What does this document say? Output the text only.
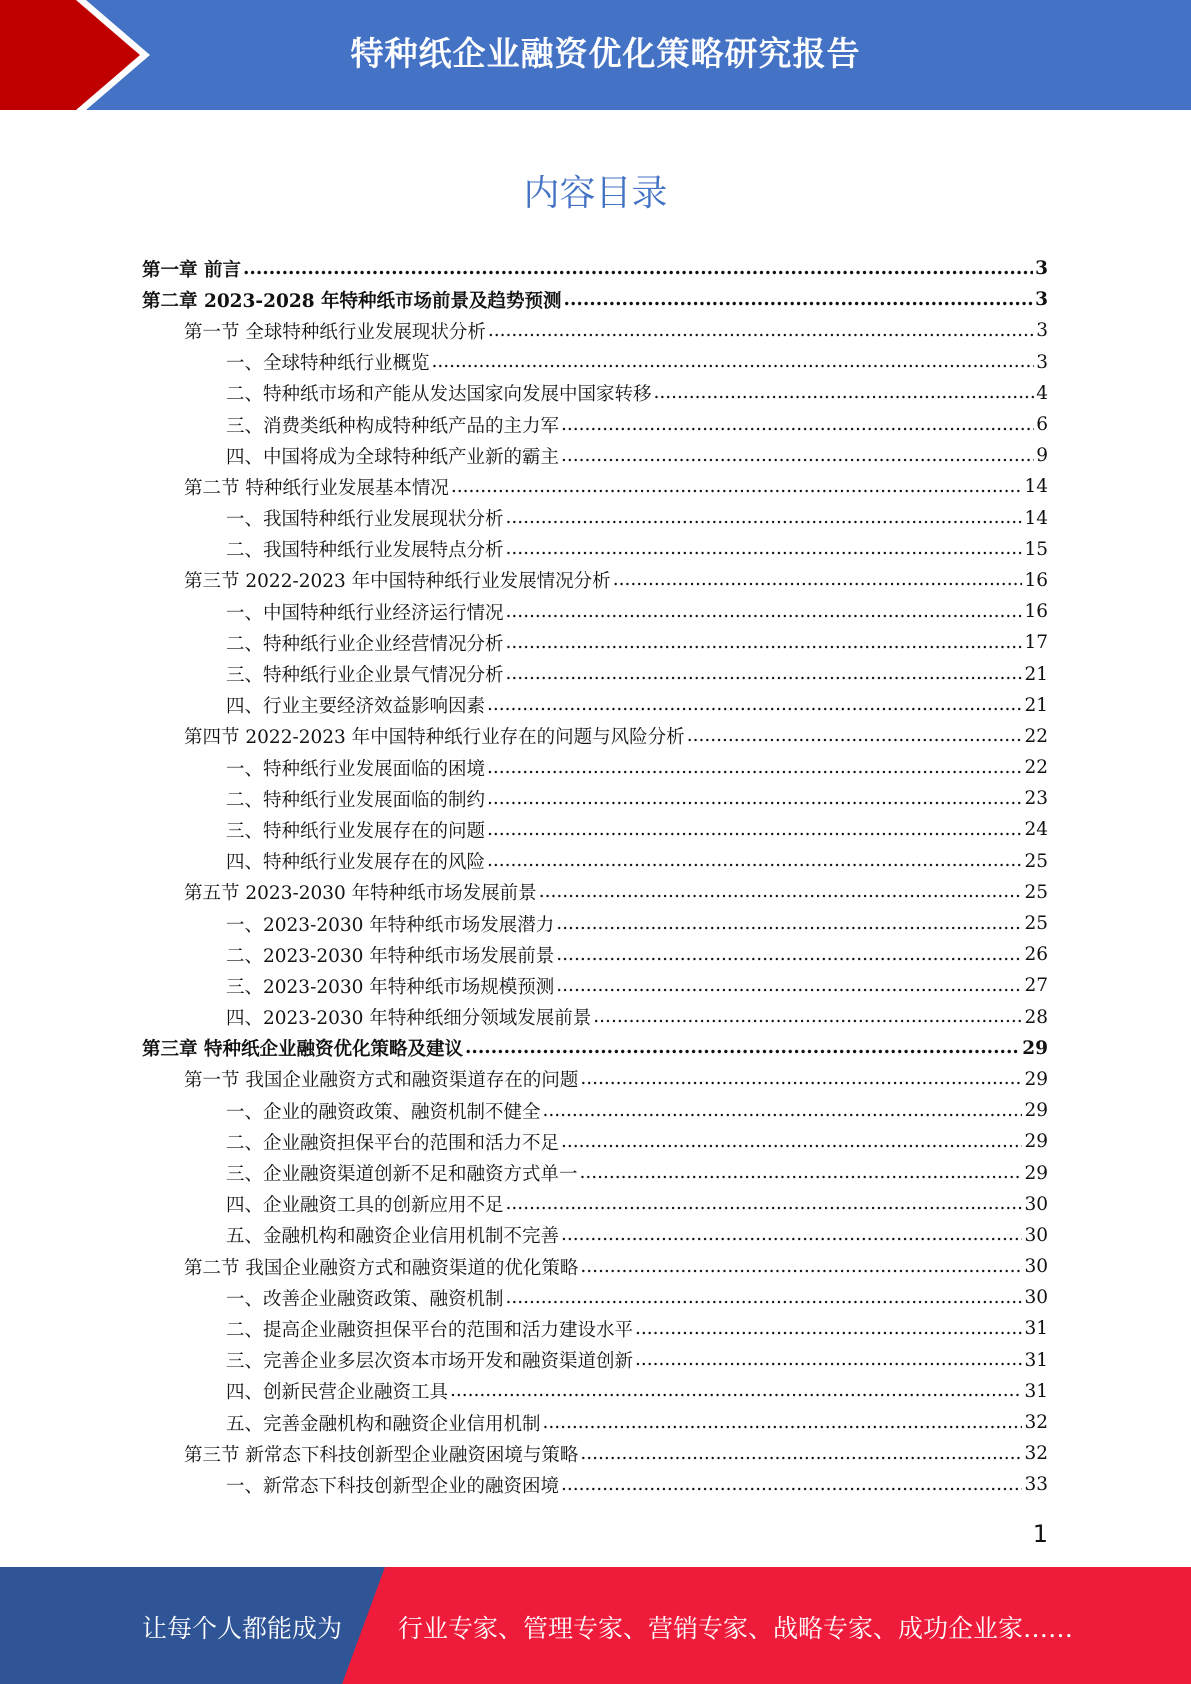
特种纸企业融资优化策略研究报告
内容目录
第一章 前言 .....	3
第二章 2023-2028 年特种纸市场前景及趋势预测 .....	3
第一节 全球特种纸行业发展现状分析 .....	3
一、全球特种纸行业概览 .....	3
二、特种纸市场和产能从发达国家向发展中国家转移 .....	4
三、消费类纸种构成特种纸产品的主力军 .....	6
四、中国将成为全球特种纸产业新的霸主 .....	9
第二节 特种纸行业发展基本情况 .....	14
一、我国特种纸行业发展现状分析 .....	14
二、我国特种纸行业发展特点分析 .....	15
第三节 2022-2023 年中国特种纸行业发展情况分析 .....	16
一、中国特种纸行业经济运行情况 .....	16
二、特种纸行业企业经营情况分析 .....	17
三、特种纸行业企业景气情况分析 .....	21
四、行业主要经济效益影响因素 .....	21
第四节 2022-2023 年中国特种纸行业存在的问题与风险分析 .....	22
一、特种纸行业发展面临的困境 .....	22
二、特种纸行业发展面临的制约 .....	23
三、特种纸行业发展存在的问题 .....	24
四、特种纸行业发展存在的风险 .....	25
第五节 2023-2030 年特种纸市场发展前景 .....	25
一、2023-2030 年特种纸市场发展潜力 .....	25
二、2023-2030 年特种纸市场发展前景 .....	26
三、2023-2030 年特种纸市场规模预测 .....	27
四、2023-2030 年特种纸细分领域发展前景 .....	28
第三章 特种纸企业融资优化策略及建议 .....	29
第一节 我国企业融资方式和融资渠道存在的问题 .....	29
一、企业的融资政策、融资机制不健全 .....	29
二、企业融资担保平台的范围和活力不足 .....	29
三、企业融资渠道创新不足和融资方式单一 .....	29
四、企业融资工具的创新应用不足 .....	30
五、金融机构和融资企业信用机制不完善 .....	30
第二节 我国企业融资方式和融资渠道的优化策略 .....	30
一、改善企业融资政策、融资机制 .....	30
二、提高企业融资担保平台的范围和活力建设水平 .....	31
三、完善企业多层次资本市场开发和融资渠道创新 .....	31
四、创新民营企业融资工具 .....	31
五、完善金融机构和融资企业信用机制 .....	32
第三节 新常态下科技创新型企业融资困境与策略 .....	32
一、新常态下科技创新型企业的融资困境 .....	33
1
让每个人都能成为 行业专家、管理专家、营销专家、战略专家、成功企业家……
